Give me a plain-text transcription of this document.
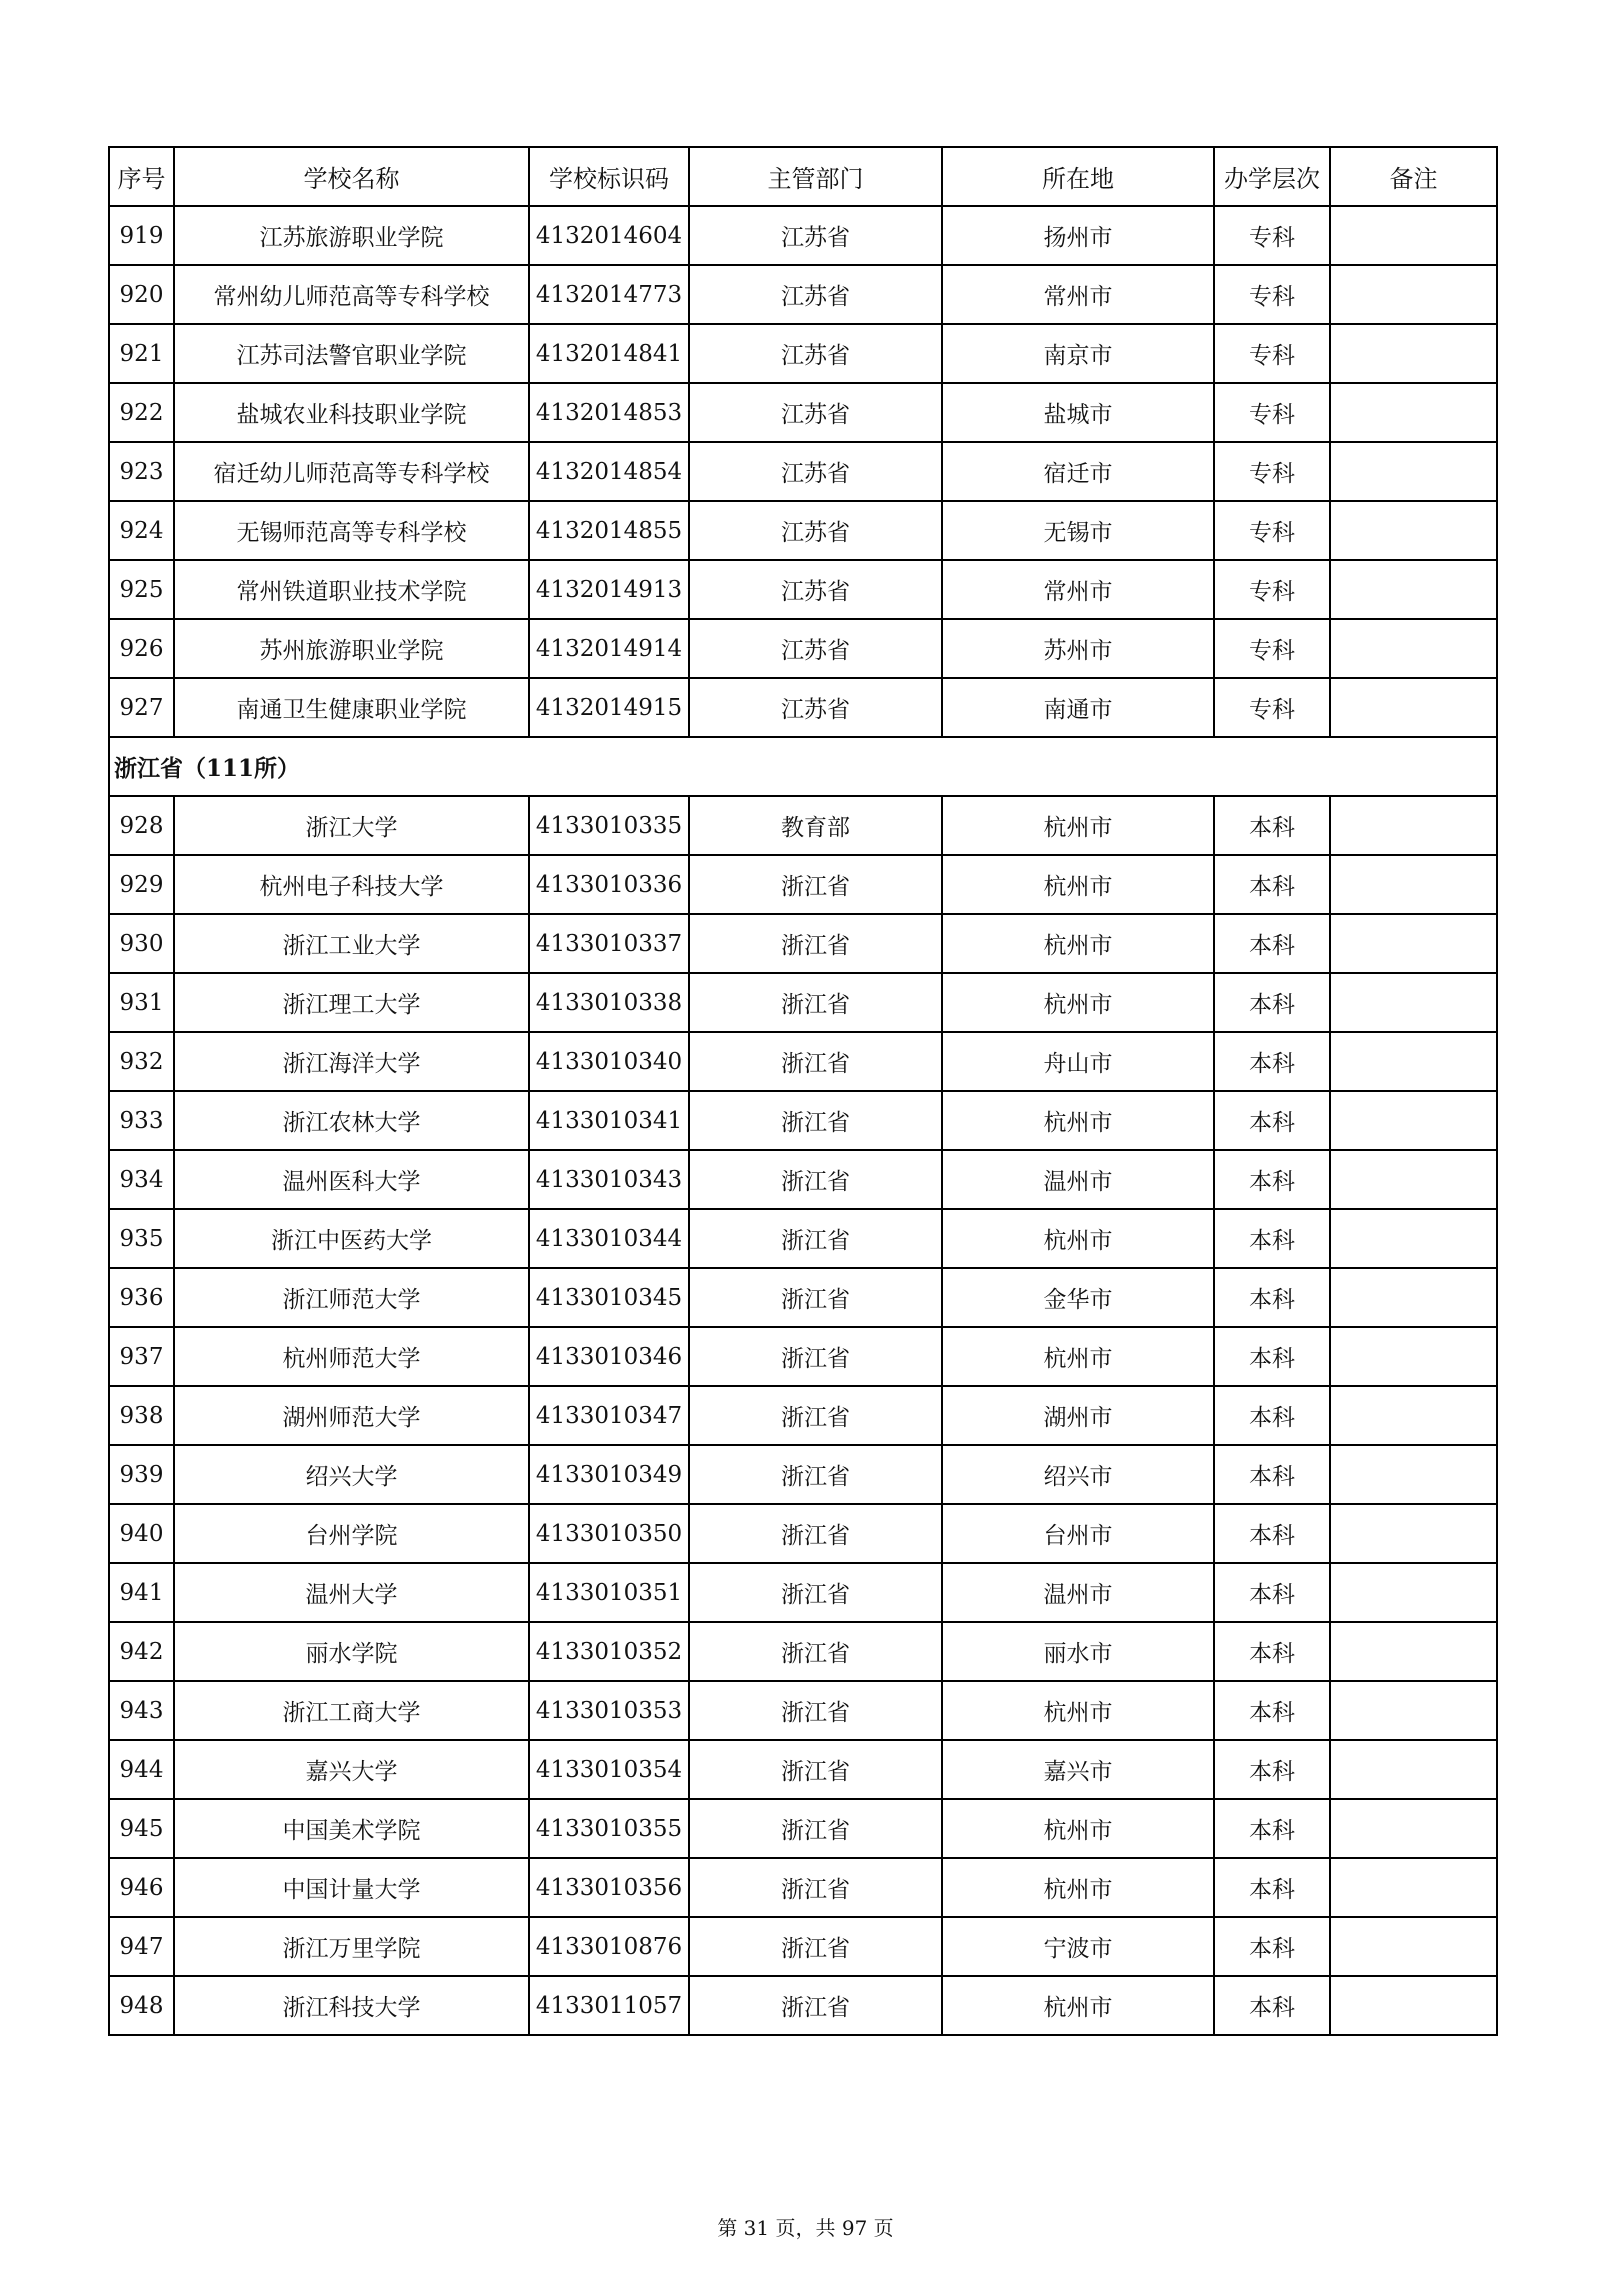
序号	学校名称	学校标识码	主管部门	所在地	办学层次	备注
919	江苏旅游职业学院	4132014604	江苏省	扬州市	专科	
920	常州幼儿师范高等专科学校	4132014773	江苏省	常州市	专科	
921	江苏司法警官职业学院	4132014841	江苏省	南京市	专科	
922	盐城农业科技职业学院	4132014853	江苏省	盐城市	专科	
923	宿迁幼儿师范高等专科学校	4132014854	江苏省	宿迁市	专科	
924	无锡师范高等专科学校	4132014855	江苏省	无锡市	专科	
925	常州铁道职业技术学院	4132014913	江苏省	常州市	专科	
926	苏州旅游职业学院	4132014914	江苏省	苏州市	专科	
927	南通卫生健康职业学院	4132014915	江苏省	南通市	专科	
浙江省（111所）						
928	浙江大学	4133010335	教育部	杭州市	本科	
929	杭州电子科技大学	4133010336	浙江省	杭州市	本科	
930	浙江工业大学	4133010337	浙江省	杭州市	本科	
931	浙江理工大学	4133010338	浙江省	杭州市	本科	
932	浙江海洋大学	4133010340	浙江省	舟山市	本科	
933	浙江农林大学	4133010341	浙江省	杭州市	本科	
934	温州医科大学	4133010343	浙江省	温州市	本科	
935	浙江中医药大学	4133010344	浙江省	杭州市	本科	
936	浙江师范大学	4133010345	浙江省	金华市	本科	
937	杭州师范大学	4133010346	浙江省	杭州市	本科	
938	湖州师范大学	4133010347	浙江省	湖州市	本科	
939	绍兴大学	4133010349	浙江省	绍兴市	本科	
940	台州学院	4133010350	浙江省	台州市	本科	
941	温州大学	4133010351	浙江省	温州市	本科	
942	丽水学院	4133010352	浙江省	丽水市	本科	
943	浙江工商大学	4133010353	浙江省	杭州市	本科	
944	嘉兴大学	4133010354	浙江省	嘉兴市	本科	
945	中国美术学院	4133010355	浙江省	杭州市	本科	
946	中国计量大学	4133010356	浙江省	杭州市	本科	
947	浙江万里学院	4133010876	浙江省	宁波市	本科	
948	浙江科技大学	4133011057	浙江省	杭州市	本科	
第 31 页，共 97 页
